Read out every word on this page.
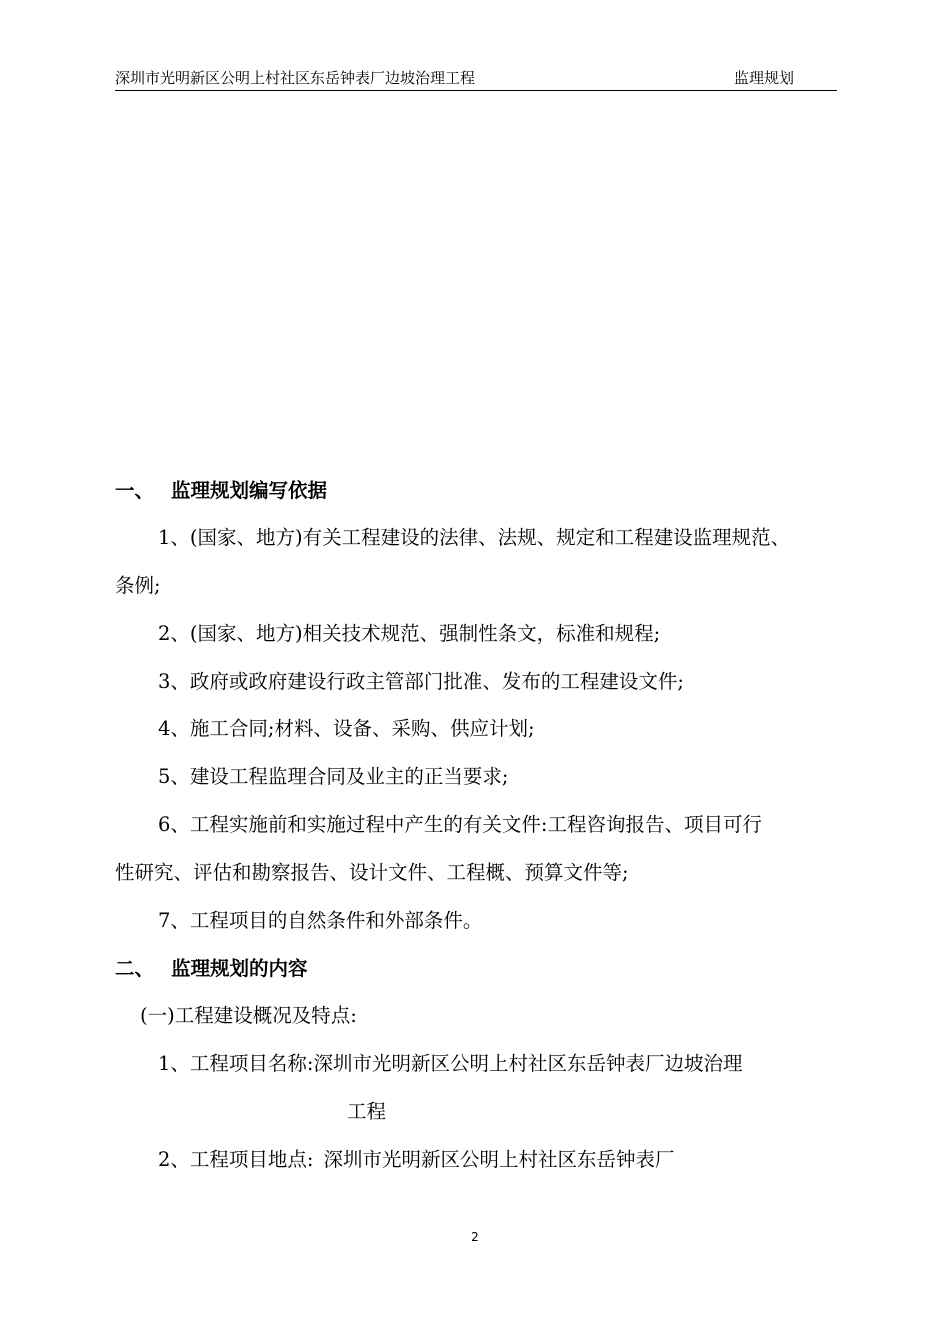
深圳市光明新区公明上村社区东岳钟表厂边坡治理工程	监理规划
一、 监理规划编写依据
1、(国家、地方)有关工程建设的法律、法规、规定和工程建设监理规范、
条例;
2、(国家、地方)相关技术规范、强制性条文，标准和规程;
3、政府或政府建设行政主管部门批准、发布的工程建设文件;
4、施工合同;材料、设备、采购、供应计划;
5、建设工程监理合同及业主的正当要求;
6、工程实施前和实施过程中产生的有关文件:工程咨询报告、项目可行
性研究、评估和勘察报告、设计文件、工程概、预算文件等;
7、工程项目的自然条件和外部条件。
二、 监理规划的内容
(一)工程建设概况及特点:
1、工程项目名称:深圳市光明新区公明上村社区东岳钟表厂边坡治理
工程
2、工程项目地点: 深圳市光明新区公明上村社区东岳钟表厂
2
